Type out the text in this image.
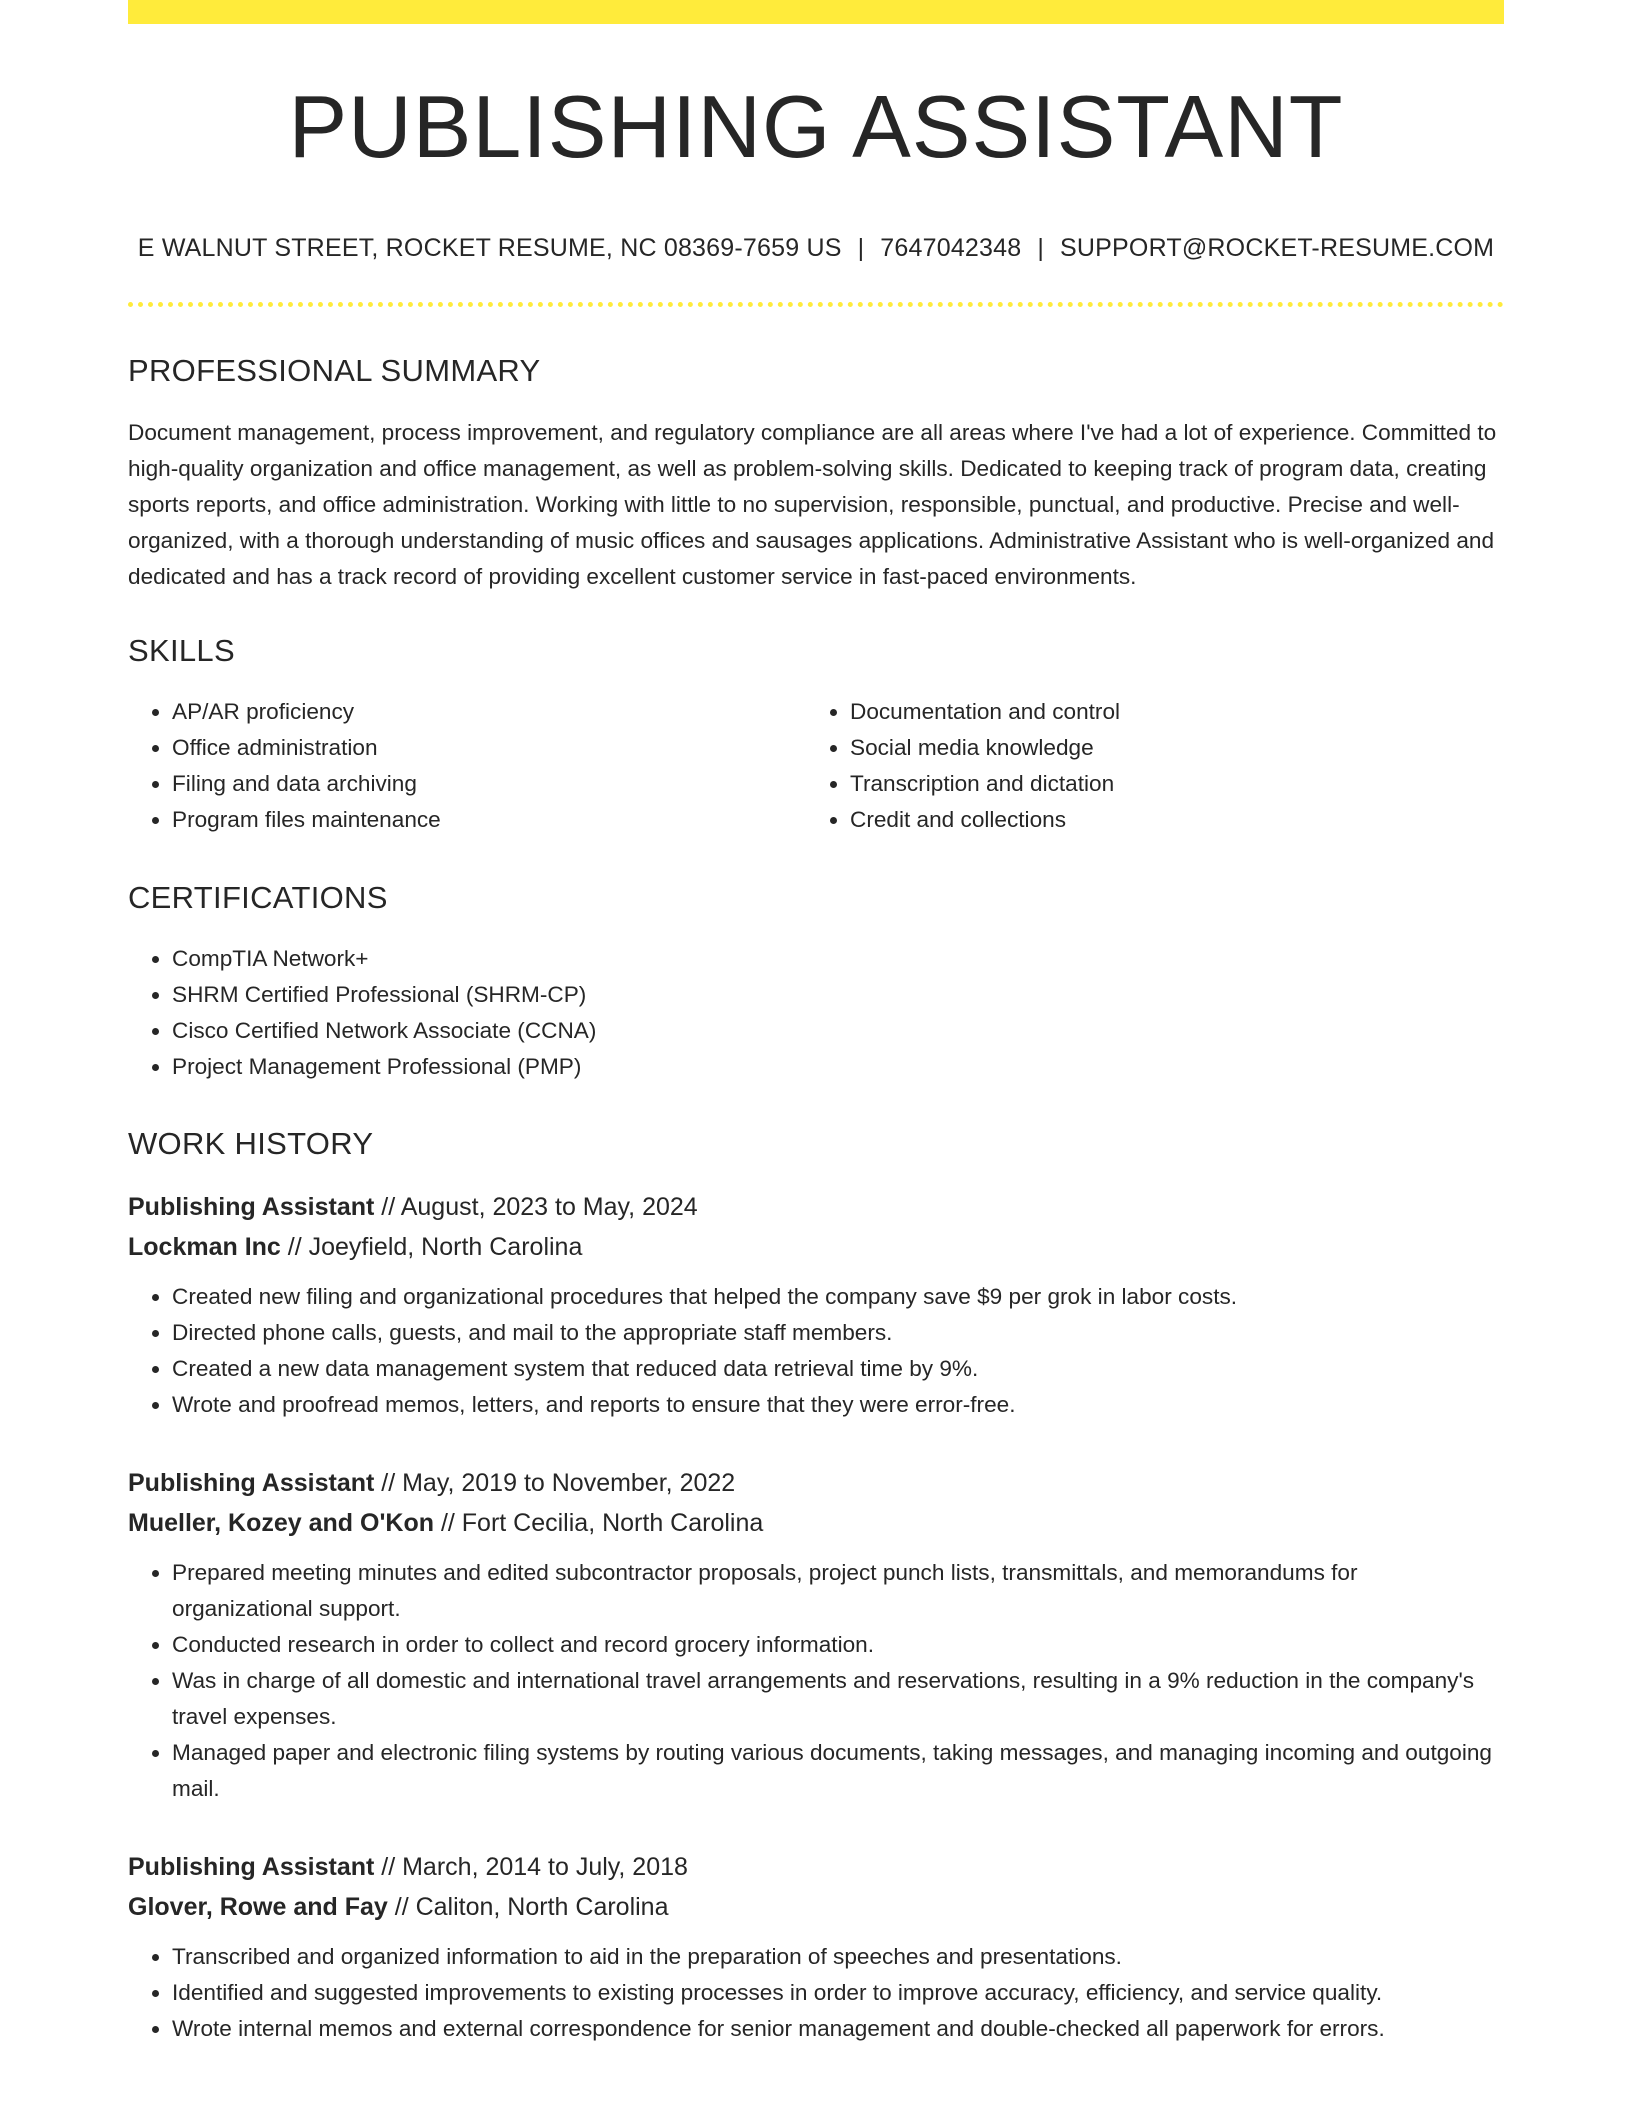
PUBLISHING ASSISTANT
E WALNUT STREET, ROCKET RESUME, NC 08369-7659 US | 7647042348 | SUPPORT@ROCKET-RESUME.COM
PROFESSIONAL SUMMARY
Document management, process improvement, and regulatory compliance are all areas where I've had a lot of experience. Committed to high-quality organization and office management, as well as problem-solving skills. Dedicated to keeping track of program data, creating sports reports, and office administration. Working with little to no supervision, responsible, punctual, and productive. Precise and well-organized, with a thorough understanding of music offices and sausages applications. Administrative Assistant who is well-organized and dedicated and has a track record of providing excellent customer service in fast-paced environments.
SKILLS
• AP/AR proficiency
• Office administration
• Filing and data archiving
• Program files maintenance
• Documentation and control
• Social media knowledge
• Transcription and dictation
• Credit and collections
CERTIFICATIONS
• CompTIA Network+
• SHRM Certified Professional (SHRM-CP)
• Cisco Certified Network Associate (CCNA)
• Project Management Professional (PMP)
WORK HISTORY
Publishing Assistant // August, 2023 to May, 2024
Lockman Inc // Joeyfield, North Carolina
• Created new filing and organizational procedures that helped the company save $9 per grok in labor costs.
• Directed phone calls, guests, and mail to the appropriate staff members.
• Created a new data management system that reduced data retrieval time by 9%.
• Wrote and proofread memos, letters, and reports to ensure that they were error-free.
Publishing Assistant // May, 2019 to November, 2022
Mueller, Kozey and O'Kon // Fort Cecilia, North Carolina
• Prepared meeting minutes and edited subcontractor proposals, project punch lists, transmittals, and memorandums for organizational support.
• Conducted research in order to collect and record grocery information.
• Was in charge of all domestic and international travel arrangements and reservations, resulting in a 9% reduction in the company's travel expenses.
• Managed paper and electronic filing systems by routing various documents, taking messages, and managing incoming and outgoing mail.
Publishing Assistant // March, 2014 to July, 2018
Glover, Rowe and Fay // Caliton, North Carolina
• Transcribed and organized information to aid in the preparation of speeches and presentations.
• Identified and suggested improvements to existing processes in order to improve accuracy, efficiency, and service quality.
• Wrote internal memos and external correspondence for senior management and double-checked all paperwork for errors.
